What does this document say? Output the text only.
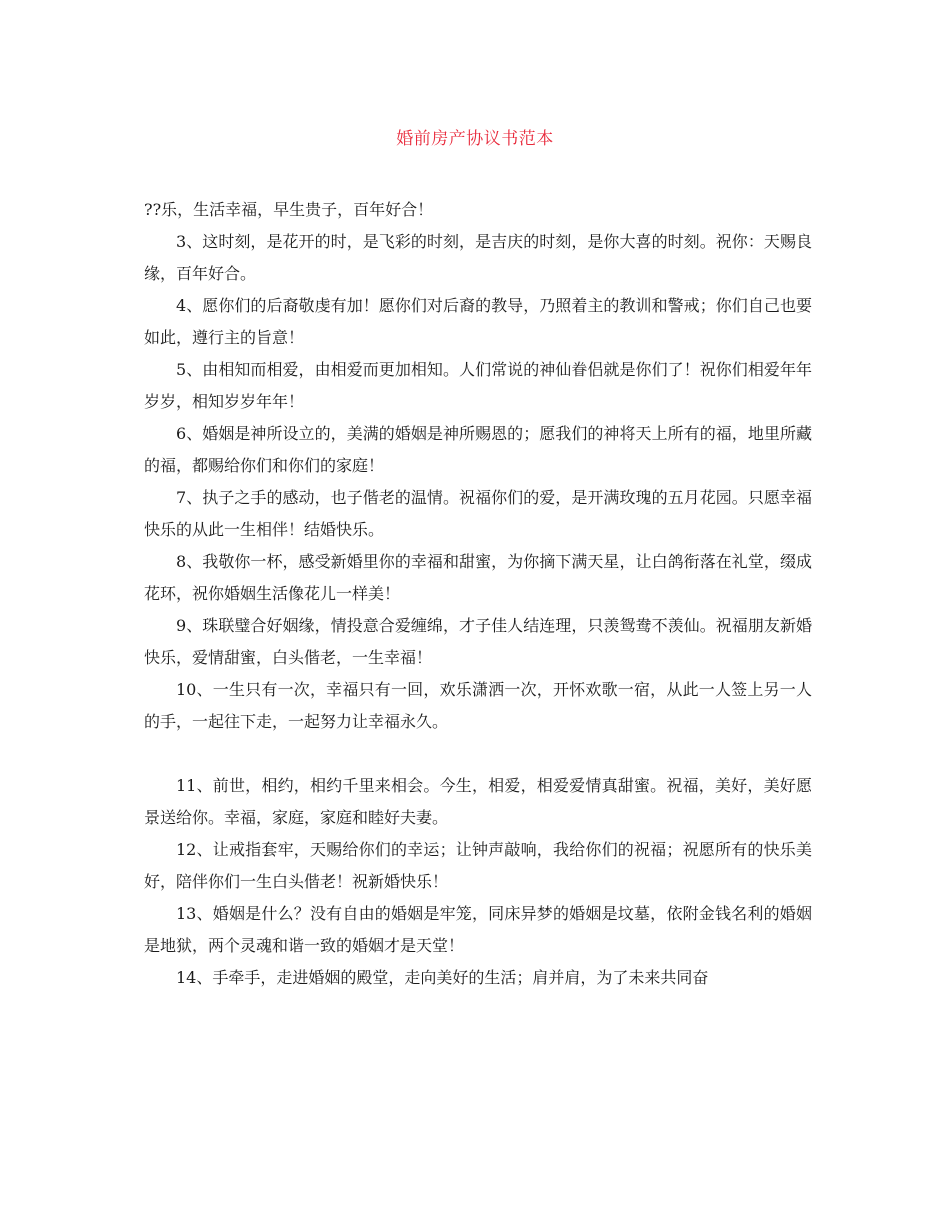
婚前房产协议书范本

??乐，生活幸福，早生贵子，百年好合！

3、这时刻，是花开的时，是飞彩的时刻，是吉庆的时刻，是你大喜的时刻。祝你：天赐良缘，百年好合。

4、愿你们的后裔敬虔有加！愿你们对后裔的教导，乃照着主的教训和警戒；你们自己也要如此，遵行主的旨意！

5、由相知而相爱，由相爱而更加相知。人们常说的神仙眷侣就是你们了！祝你们相爱年年岁岁，相知岁岁年年！

6、婚姻是神所设立的，美满的婚姻是神所赐恩的；愿我们的神将天上所有的福，地里所藏的福，都赐给你们和你们的家庭！

7、执子之手的感动，也子偕老的温情。祝福你们的爱，是开满玫瑰的五月花园。只愿幸福快乐的从此一生相伴！结婚快乐。

8、我敬你一杯，感受新婚里你的幸福和甜蜜，为你摘下满天星，让白鸽衔落在礼堂，缀成花环，祝你婚姻生活像花儿一样美！

9、珠联璧合好姻缘，情投意合爱缠绵，才子佳人结连理，只羡鸳鸯不羡仙。祝福朋友新婚快乐，爱情甜蜜，白头偕老，一生幸福！

10、一生只有一次，幸福只有一回，欢乐潇洒一次，开怀欢歌一宿，从此一人签上另一人的手，一起往下走，一起努力让幸福永久。

11、前世，相约，相约千里来相会。今生，相爱，相爱爱情真甜蜜。祝福，美好，美好愿景送给你。幸福，家庭，家庭和睦好夫妻。

12、让戒指套牢，天赐给你们的幸运；让钟声敲响，我给你们的祝福；祝愿所有的快乐美好，陪伴你们一生白头偕老！祝新婚快乐！

13、婚姻是什么？没有自由的婚姻是牢笼，同床异梦的婚姻是坟墓，依附金钱名利的婚姻是地狱，两个灵魂和谐一致的婚姻才是天堂！

14、手牵手，走进婚姻的殿堂，走向美好的生活；肩并肩，为了未来共同奋
